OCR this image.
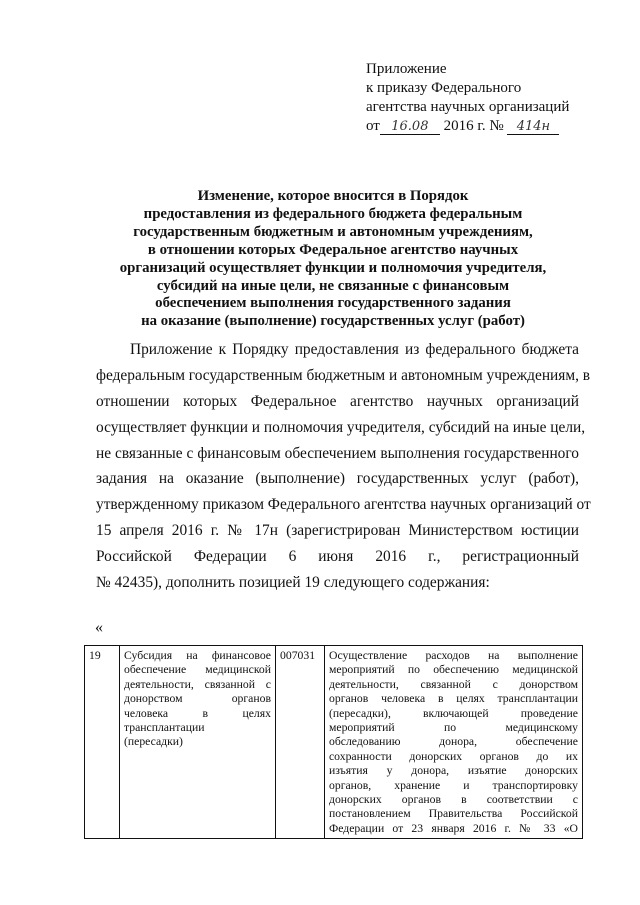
Приложение
к приказу Федерального
агентства научных организаций
от 16.08 2016 г. № 414н
Изменение, которое вносится в Порядок
предоставления из федерального бюджета федеральным
государственным бюджетным и автономным учреждениям,
в отношении которых Федеральное агентство научных
организаций осуществляет функции и полномочия учредителя,
субсидий на иные цели, не связанные с финансовым
обеспечением выполнения государственного задания
на оказание (выполнение) государственных услуг (работ)
Приложение к Порядку предоставления из федерального бюджета
федеральным государственным бюджетным и автономным учреждениям, в
отношении которых Федеральное агентство научных организаций
осуществляет функции и полномочия учредителя, субсидий на иные цели,
не связанные с финансовым обеспечением выполнения государственного
задания на оказание (выполнение) государственных услуг (работ),
утвержденному приказом Федерального агентства научных организаций от
15 апреля 2016 г. № 17н (зарегистрирован Министерством юстиции
Российской Федерации 6 июня 2016 г., регистрационный
№ 42435), дополнить позицией 19 следующего содержания:
«
19	Субсидия на финансовое
обеспечение медицинской
деятельности, связанной с
донорством органов
человека в целях
трансплантации
(пересадки)
	007031	Осуществление расходов на выполнение
мероприятий по обеспечению медицинской
деятельности, связанной с донорством
органов человека в целях трансплантации
(пересадки), включающей проведение
мероприятий по медицинскому
обследованию донора, обеспечение
сохранности донорских органов до их
изъятия у донора, изъятие донорских
органов, хранение и транспортировку
донорских органов в соответствии с
постановлением Правительства Российской
Федерации от 23 января 2016 г. № 33 «О
